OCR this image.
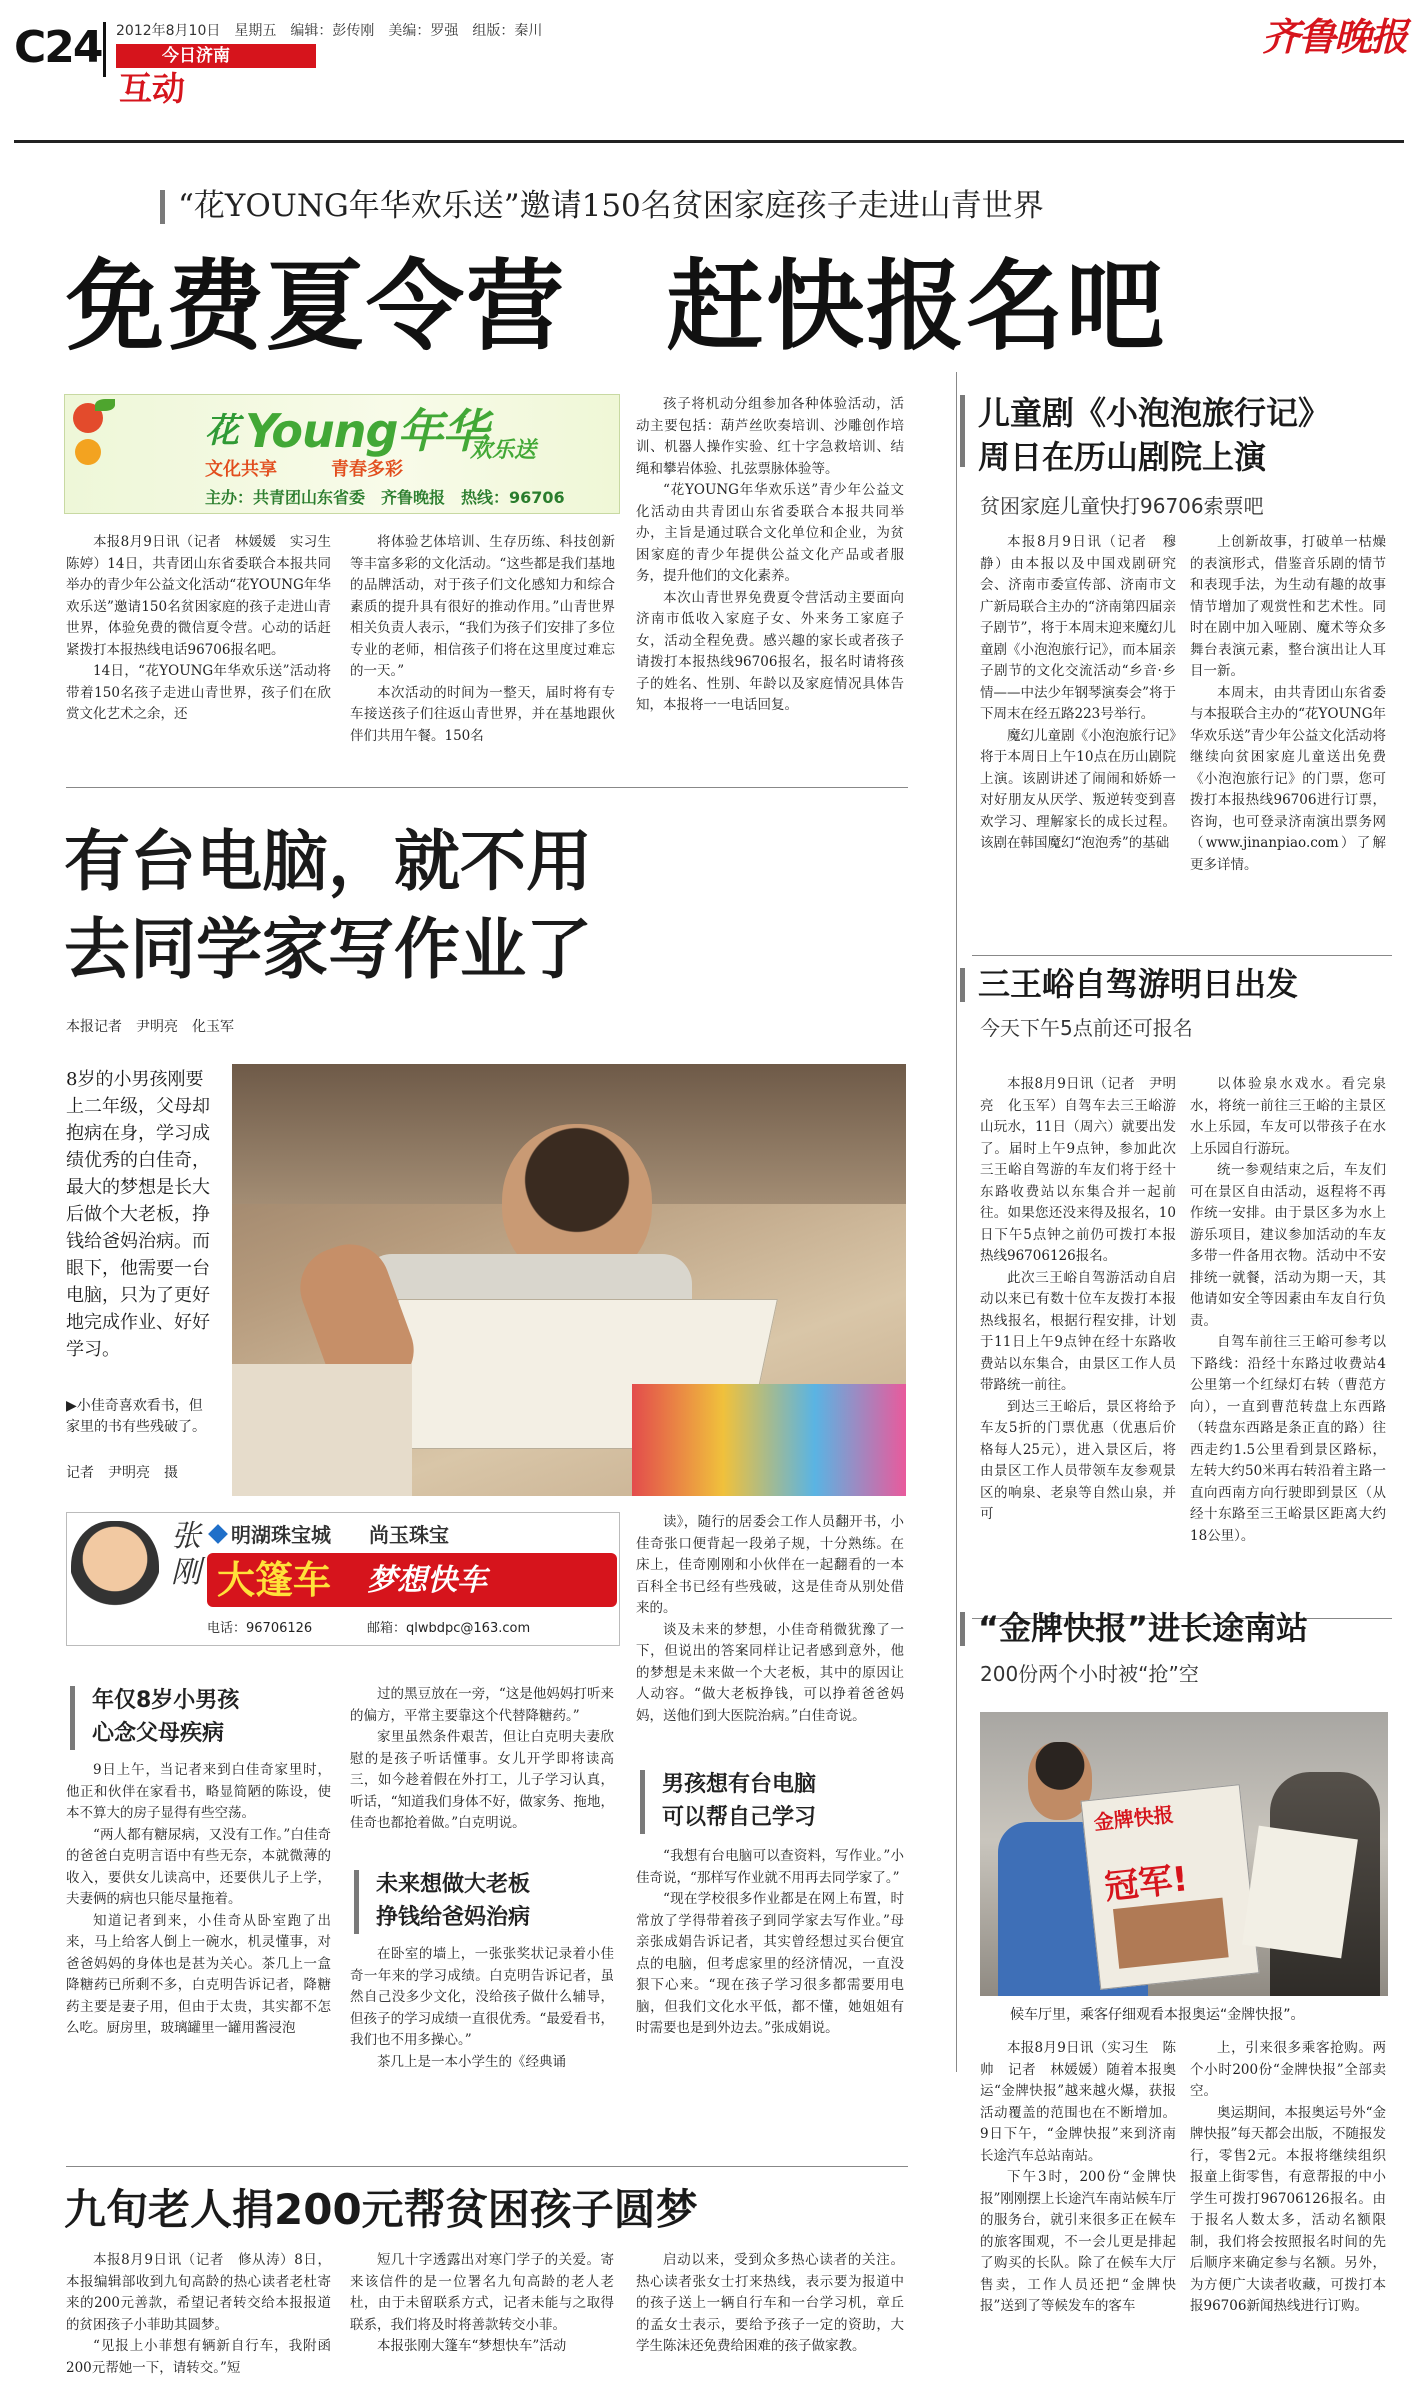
C24 2012年8月10日　星期五　编辑：彭传刚　美编：罗强　组版：秦川
今日济南
互动
齐鲁晚报
“花YOUNG年华欢乐送”邀请150名贫困家庭孩子走进山青世界
免费夏令营　赶快报名吧
花 Young年华
欢乐送
文化共享	青春多彩
主办：共青团山东省委　齐鲁晚报　热线：96706

本报8月9日讯（记者　林媛媛　实习生　陈婷）14日，共青团山东省委联合本报共同举办的青少年公益文化活动“花YOUNG年华欢乐送”邀请150名贫困家庭的孩子走进山青世界，体验免费的微信夏令营。心动的话赶紧拨打本报热线电话96706报名吧。

14日，“花YOUNG年华欢乐送”活动将带着150名孩子走进山青世界，孩子们在欣赏文化艺术之余，还

将体验艺体培训、生存历练、科技创新等丰富多彩的文化活动。“这些都是我们基地的品牌活动，对于孩子们文化感知力和综合素质的提升具有很好的推动作用。”山青世界相关负责人表示，“我们为孩子们安排了多位专业的老师，相信孩子们将在这里度过难忘的一天。”

本次活动的时间为一整天，届时将有专车接送孩子们往返山青世界，并在基地跟伙伴们共用午餐。150名

孩子将机动分组参加各种体验活动，活动主要包括：葫芦丝吹奏培训、沙雕创作培训、机器人操作实验、红十字急救培训、结绳和攀岩体验、扎弦票脉体验等。

“花YOUNG年华欢乐送”青少年公益文化活动由共青团山东省委联合本报共同举办，主旨是通过联合文化单位和企业，为贫困家庭的青少年提供公益文化产品或者服务，提升他们的文化素养。

本次山青世界免费夏令营活动主要面向济南市低收入家庭子女、外来务工家庭子女，活动全程免费。感兴趣的家长或者孩子请拨打本报热线96706报名，报名时请将孩子的姓名、性别、年龄以及家庭情况具体告知，本报将一一电话回复。

儿童剧《小泡泡旅行记》
周日在历山剧院上演
贫困家庭儿童快打96706索票吧

本报8月9日讯（记者　穆静）由本报以及中国戏剧研究会、济南市委宣传部、济南市文广新局联合主办的“济南第四届亲子剧节”，将于本周末迎来魔幻儿童剧《小泡泡旅行记》，而本届亲子剧节的文化交流活动“乡音·乡情——中法少年钢琴演奏会”将于下周末在经五路223号举行。

魔幻儿童剧《小泡泡旅行记》将于本周日上午10点在历山剧院上演。该剧讲述了闹闹和娇娇一对好朋友从厌学、叛逆转变到喜欢学习、理解家长的成长过程。该剧在韩国魔幻“泡泡秀”的基础

上创新故事，打破单一枯燥的表演形式，借鉴音乐剧的情节和表现手法，为生动有趣的故事情节增加了观赏性和艺术性。同时在剧中加入哑剧、魔术等众多舞台表演元素，整台演出让人耳目一新。

本周末，由共青团山东省委与本报联合主办的“花YOUNG年华欢乐送”青少年公益文化活动将继续向贫困家庭儿童送出免费《小泡泡旅行记》的门票，您可拨打本报热线96706进行订票，咨询，也可登录济南演出票务网（www.jinanpiao.com）了解更多详情。

有台电脑，就不用
去同学家写作业了
本报记者　尹明亮　化玉军
8岁的小男孩刚要上二年级，父母却抱病在身，学习成绩优秀的白佳奇，最大的梦想是长大后做个大老板，挣钱给爸妈治病。而眼下，他需要一台电脑，只为了更好地完成作业、好好学习。
▶小佳奇喜欢看书，但家里的书有些残破了。
记者　尹明亮　摄
张刚
明湖珠宝城 尚玉珠宝
大篷车 梦想快车
电话：96706126	邮箱：qlwbdpc@163.com
年仅8岁小男孩
心念父母疾病

9日上午，当记者来到白佳奇家里时，他正和伙伴在家看书，略显简陋的陈设，使本不算大的房子显得有些空荡。

“两人都有糖尿病，又没有工作。”白佳奇的爸爸白克明言语中有些无奈，本就微薄的收入，要供女儿读高中，还要供儿子上学，夫妻俩的病也只能尽量拖着。

知道记者到来，小佳奇从卧室跑了出来，马上给客人倒上一碗水，机灵懂事，对爸爸妈妈的身体也是甚为关心。茶几上一盒降糖药已所剩不多，白克明告诉记者，降糖药主要是妻子用，但由于太贵，其实都不怎么吃。厨房里，玻璃罐里一罐用酱浸泡

过的黑豆放在一旁，“这是他妈妈打听来的偏方，平常主要靠这个代替降糖药。”

家里虽然条件艰苦，但让白克明夫妻欣慰的是孩子听话懂事。女儿开学即将读高三，如今趁着假在外打工，儿子学习认真，听话，“知道我们身体不好，做家务、拖地，佳奇也都抢着做。”白克明说。

未来想做大老板
挣钱给爸妈治病

在卧室的墙上，一张张奖状记录着小佳奇一年来的学习成绩。白克明告诉记者，虽然自己没多少文化，没给孩子做什么辅导，但孩子的学习成绩一直很优秀。“最爱看书，我们也不用多操心。”

茶几上是一本小学生的《经典诵

读》，随行的居委会工作人员翻开书，小佳奇张口便背起一段弟子规，十分熟练。在床上，佳奇刚刚和小伙伴在一起翻看的一本百科全书已经有些残破，这是佳奇从别处借来的。

谈及未来的梦想，小佳奇稍微犹豫了一下，但说出的答案同样让记者感到意外，他的梦想是未来做一个大老板，其中的原因让人动容。“做大老板挣钱，可以挣着爸爸妈妈，送他们到大医院治病。”白佳奇说。

男孩想有台电脑
可以帮自己学习

“我想有台电脑可以查资料，写作业。”小佳奇说，“那样写作业就不用再去同学家了。”

“现在学校很多作业都是在网上布置，时常放了学得带着孩子到同学家去写作业。”母亲张成娟告诉记者，其实曾经想过买台便宜点的电脑，但考虑家里的经济情况，一直没狠下心来。“现在孩子学习很多都需要用电脑，但我们文化水平低，都不懂，她姐姐有时需要也是到外边去。”张成娟说。

三王峪自驾游明日出发
今天下午5点前还可报名

本报8月9日讯（记者　尹明亮　化玉军）自驾车去三王峪游山玩水，11日（周六）就要出发了。届时上午9点钟，参加此次三王峪自驾游的车友们将于经十东路收费站以东集合并一起前往。如果您还没来得及报名，10日下午5点钟之前仍可拨打本报热线96706126报名。

此次三王峪自驾游活动自启动以来已有数十位车友拨打本报热线报名，根据行程安排，计划于11日上午9点钟在经十东路收费站以东集合，由景区工作人员带路统一前往。

到达三王峪后，景区将给予车友5折的门票优惠（优惠后价格每人25元），进入景区后，将由景区工作人员带领车友参观景区的响泉、老泉等自然山泉，并可

以体验泉水戏水。看完泉水，将统一前往三王峪的主景区水上乐园，车友可以带孩子在水上乐园自行游玩。

统一参观结束之后，车友们可在景区自由活动，返程将不再作统一安排。由于景区多为水上游乐项目，建议参加活动的车友多带一件备用衣物。活动中不安排统一就餐，活动为期一天，其他请如安全等因素由车友自行负责。

自驾车前往三王峪可参考以下路线：沿经十东路过收费站4公里第一个红绿灯右转（曹范方向），一直到曹范转盘上东西路（转盘东西路是条正直的路）往西走约1.5公里看到景区路标，左转大约50米再右转沿着主路一直向西南方向行驶即到景区（从经十东路至三王峪景区距离大约18公里）。

“金牌快报”进长途南站
200份两个小时被“抢”空
金牌快报
冠军!
候车厅里，乘客仔细观看本报奥运“金牌快报”。

本报8月9日讯（实习生　陈帅　记者　林媛媛）随着本报奥运“金牌快报”越来越火爆，获报活动覆盖的范围也在不断增加。9日下午，“金牌快报”来到济南长途汽车总站南站。

下午3时，200份“金牌快报”刚刚摆上长途汽车南站候车厅的服务台，就引来很多正在候车的旅客围观，不一会儿更是排起了购买的长队。除了在候车大厅售卖，工作人员还把“金牌快报”送到了等候发车的客车

上，引来很多乘客抢购。两个小时200份“金牌快报”全部卖空。

奥运期间，本报奥运号外“金牌快报”每天都会出版，不随报发行，零售2元。本报将继续组织报童上街零售，有意帮报的中小学生可拨打96706126报名。由于报名人数太多，活动名额限制，我们将会按照报名时间的先后顺序来确定参与名额。另外，为方便广大读者收藏，可拨打本报96706新闻热线进行订购。

九旬老人捐200元帮贫困孩子圆梦

本报8月9日讯（记者　修从涛）8日，本报编辑部收到九旬高龄的热心读者老杜寄来的200元善款，希望记者转交给本报报道的贫困孩子小菲助其圆梦。

“见报上小菲想有辆新自行车，我附函200元帮她一下，请转交。”短

短几十字透露出对寒门学子的关爱。寄来该信件的是一位署名九旬高龄的老人老杜，由于未留联系方式，记者未能与之取得联系，我们将及时将善款转交小菲。

本报张刚大篷车“梦想快车”活动

启动以来，受到众多热心读者的关注。热心读者张女士打来热线，表示要为报道中的孩子送上一辆自行车和一台学习机，章丘的孟女士表示，要给予孩子一定的资助，大学生陈沫还免费给困难的孩子做家教。
